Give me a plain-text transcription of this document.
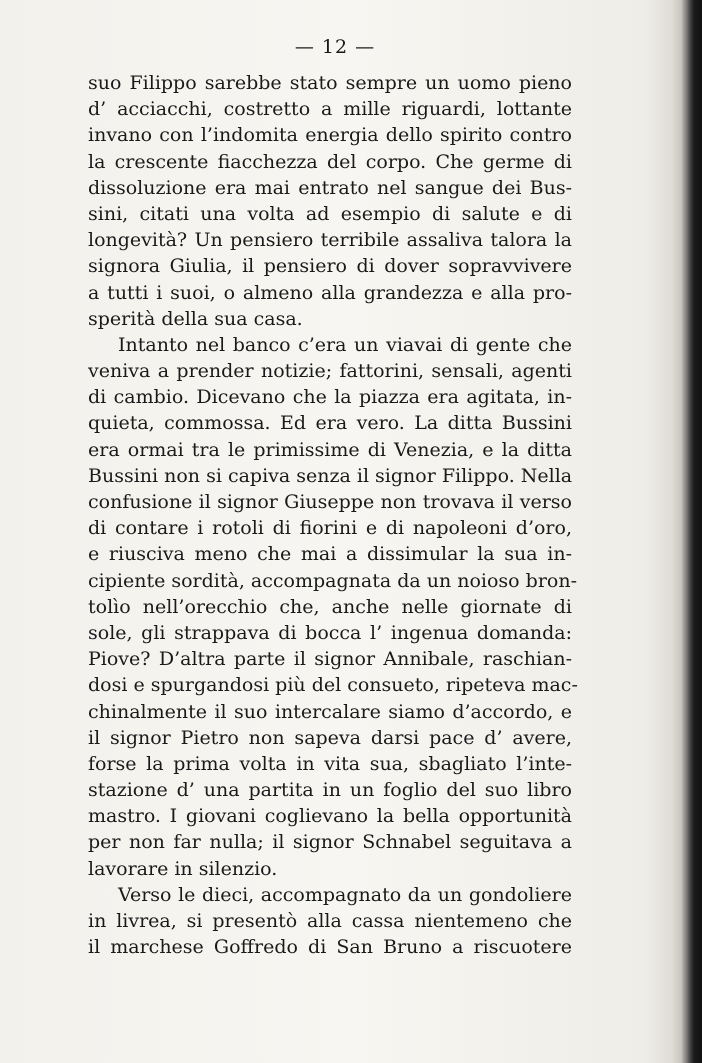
— 12 —
suo Filippo sarebbe stato sempre un uomo pieno
d’ acciacchi, costretto a mille riguardi, lottante
invano con l’indomita energia dello spirito contro
la crescente fiacchezza del corpo. Che germe di
dissoluzione era mai entrato nel sangue dei Bus-
sini, citati una volta ad esempio di salute e di
longevità? Un pensiero terribile assaliva talora la
signora Giulia, il pensiero di dover sopravvivere
a tutti i suoi, o almeno alla grandezza e alla pro-
sperità della sua casa.
Intanto nel banco c’era un viavai di gente che
veniva a prender notizie; fattorini, sensali, agenti
di cambio. Dicevano che la piazza era agitata, in-
quieta, commossa. Ed era vero. La ditta Bussini
era ormai tra le primissime di Venezia, e la ditta
Bussini non si capiva senza il signor Filippo. Nella
confusione il signor Giuseppe non trovava il verso
di contare i rotoli di fiorini e di napoleoni d’oro,
e riusciva meno che mai a dissimular la sua in-
cipiente sordità, accompagnata da un noioso bron-
tolìo nell’orecchio che, anche nelle giornate di
sole, gli strappava di bocca l’ ingenua domanda:
Piove? D’altra parte il signor Annibale, raschian-
dosi e spurgandosi più del consueto, ripeteva mac-
chinalmente il suo intercalare siamo d’accordo, e
il signor Pietro non sapeva darsi pace d’ avere,
forse la prima volta in vita sua, sbagliato l’inte-
stazione d’ una partita in un foglio del suo libro
mastro. I giovani coglievano la bella opportunità
per non far nulla; il signor Schnabel seguitava a
lavorare in silenzio.
Verso le dieci, accompagnato da un gondoliere
in livrea, si presentò alla cassa nientemeno che
il marchese Goffredo di San Bruno a riscuotere
